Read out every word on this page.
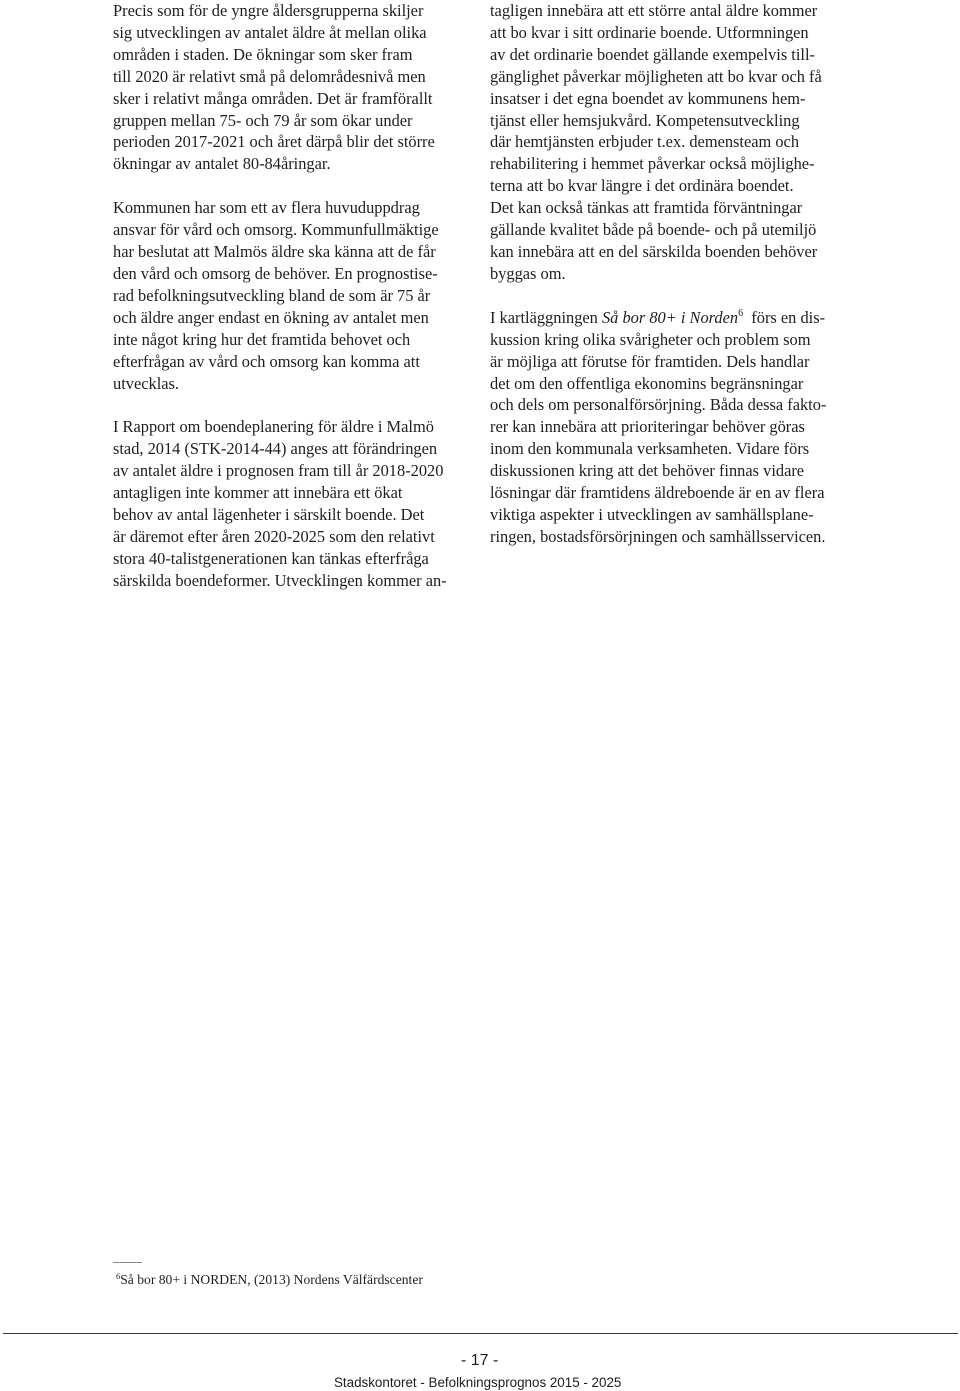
Precis som för de yngre åldersgrupperna skiljer
sig utvecklingen av antalet äldre åt mellan olika
områden i staden. De ökningar som sker fram
till 2020 är relativt små på delområdesnivå men
sker i relativt många områden. Det är framförallt
gruppen mellan 75- och 79 år som ökar under
perioden 2017-2021 och året därpå blir det större
ökningar av antalet 80-84åringar.
Kommunen har som ett av flera huvuduppdrag
ansvar för vård och omsorg. Kommunfullmäktige
har beslutat att Malmös äldre ska känna att de får
den vård och omsorg de behöver. En prognostise-
rad befolkningsutveckling bland de som är 75 år
och äldre anger endast en ökning av antalet men
inte något kring hur det framtida behovet och
efterfrågan av vård och omsorg kan komma att
utvecklas.
I Rapport om boendeplanering för äldre i Malmö
stad, 2014 (STK-2014-44) anges att förändringen
av antalet äldre i prognosen fram till år 2018-2020
antagligen inte kommer att innebära ett ökat
behov av antal lägenheter i särskilt boende. Det
är däremot efter åren 2020-2025 som den relativt
stora 40-talistgenerationen kan tänkas efterfråga
särskilda boendeformer. Utvecklingen kommer an-
tagligen innebära att ett större antal äldre kommer
att bo kvar i sitt ordinarie boende. Utformningen
av det ordinarie boendet gällande exempelvis till-
gänglighet påverkar möjligheten att bo kvar och få
insatser i det egna boendet av kommunens hem-
tjänst eller hemsjukvård. Kompetensutveckling
där hemtjänsten erbjuder t.ex. demensteam och
rehabilitering i hemmet påverkar också möjlighe-
terna att bo kvar längre i det ordinära boendet.
Det kan också tänkas att framtida förväntningar
gällande kvalitet både på boende- och på utemiljö
kan innebära att en del särskilda boenden behöver
byggas om.
I kartläggningen Så bor 80+ i Norden$^6$  förs en dis-
kussion kring olika svårigheter och problem som
är möjliga att förutse för framtiden. Dels handlar
det om den offentliga ekonomins begränsningar
och dels om personalförsörjning. Båda dessa fakto-
rer kan innebära att prioriteringar behöver göras
inom den kommunala verksamheten. Vidare förs
diskussionen kring att det behöver finnas vidare
lösningar där framtidens äldreboende är en av flera
viktiga aspekter i utvecklingen av samhällsplane-
ringen, bostadsförsörjningen och samhällsservicen.
$^6$Så bor 80+ i NORDEN, (2013) Nordens Välfärdscenter
- 17 -
Stadskontoret - Befolkningsprognos 2015 - 2025
